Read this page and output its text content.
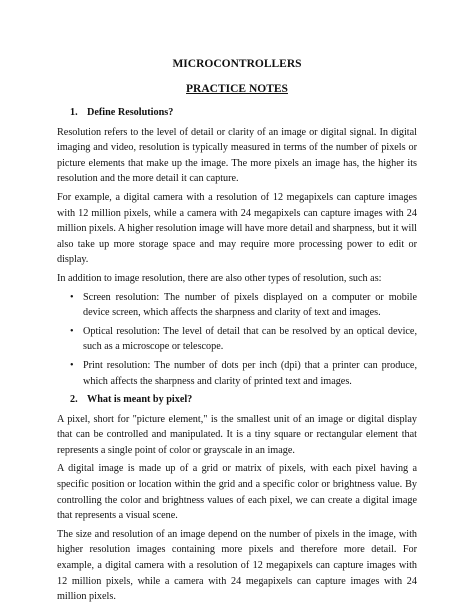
MICROCONTROLLERS
PRACTICE NOTES
1. Define Resolutions?

Resolution refers to the level of detail or clarity of an image or digital signal. In digital imaging and video, resolution is typically measured in terms of the number of pixels or picture elements that make up the image. The more pixels an image has, the higher its resolution and the more detail it can capture.

For example, a digital camera with a resolution of 12 megapixels can capture images with 12 million pixels, while a camera with 24 megapixels can capture images with 24 million pixels. A higher resolution image will have more detail and sharpness, but it will also take up more storage space and may require more processing power to edit or display.

In addition to image resolution, there are also other types of resolution, such as:

• Screen resolution: The number of pixels displayed on a computer or mobile device screen, which affects the sharpness and clarity of text and images.
• Optical resolution: The level of detail that can be resolved by an optical device, such as a microscope or telescope.
• Print resolution: The number of dots per inch (dpi) that a printer can produce, which affects the sharpness and clarity of printed text and images.
2. What is meant by pixel?

A pixel, short for "picture element," is the smallest unit of an image or digital display that can be controlled and manipulated. It is a tiny square or rectangular element that represents a single point of color or grayscale in an image.

A digital image is made up of a grid or matrix of pixels, with each pixel having a specific position or location within the grid and a specific color or brightness value. By controlling the color and brightness values of each pixel, we can create a digital image that represents a visual scene.

The size and resolution of an image depend on the number of pixels in the image, with higher resolution images containing more pixels and therefore more detail. For example, a digital camera with a resolution of 12 megapixels can capture images with 12 million pixels, while a camera with 24 megapixels can capture images with 24 million pixels.
